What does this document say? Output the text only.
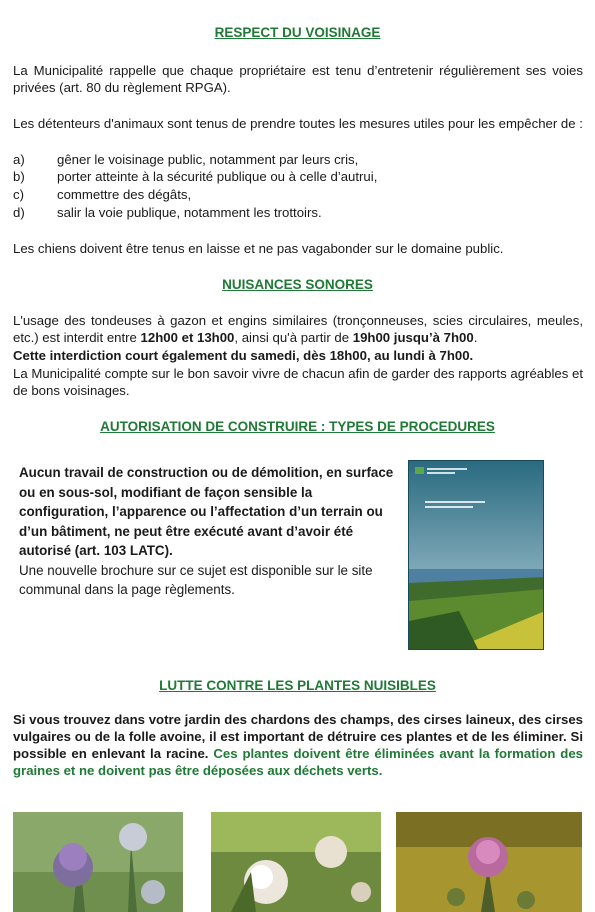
RESPECT DU VOISINAGE
La Municipalité rappelle que chaque propriétaire est tenu d’entretenir régulièrement ses voies privées (art. 80 du règlement RPGA).
Les détenteurs d'animaux sont tenus de prendre toutes les mesures utiles pour les empêcher de :
a) gêner le voisinage public, notamment par leurs cris,
b) porter atteinte à la sécurité publique ou à celle d’autrui,
c)	commettre des dégâts,
d) salir la voie publique, notamment les trottoirs.
Les chiens doivent être tenus en laisse et ne pas vagabonder sur le domaine public.
NUISANCES SONORES
L'usage des tondeuses à gazon et engins similaires (tronçonneuses, scies circulaires, meules, etc.) est interdit entre 12h00 et 13h00, ainsi qu'à partir de 19h00 jusqu’à 7h00.
Cette interdiction court également du samedi, dès 18h00, au lundi à 7h00.
La Municipalité compte sur le bon savoir vivre de chacun afin de garder des rapports agréables et de bons voisinages.
AUTORISATION DE CONSTRUIRE : TYPES DE PROCEDURES
Aucun travail de construction ou de démolition, en surface ou en sous-sol, modifiant de façon sensible la configuration, l’apparence ou l’affectation d’un terrain ou d’un bâtiment, ne peut être exécuté avant d’avoir été autorisé (art. 103 LATC).
Une nouvelle brochure sur ce sujet est disponible sur le site communal dans la page règlements.
LUTTE CONTRE LES PLANTES NUISIBLES
Si vous trouvez dans votre jardin des chardons des champs, des cirses laineux, des cirses vulgaires ou de la folle avoine, il est important de détruire ces plantes et de les éliminer. Si possible en enlevant la racine. Ces plantes doivent être éliminées avant la formation des graines et ne doivent pas être déposées aux déchets verts.
